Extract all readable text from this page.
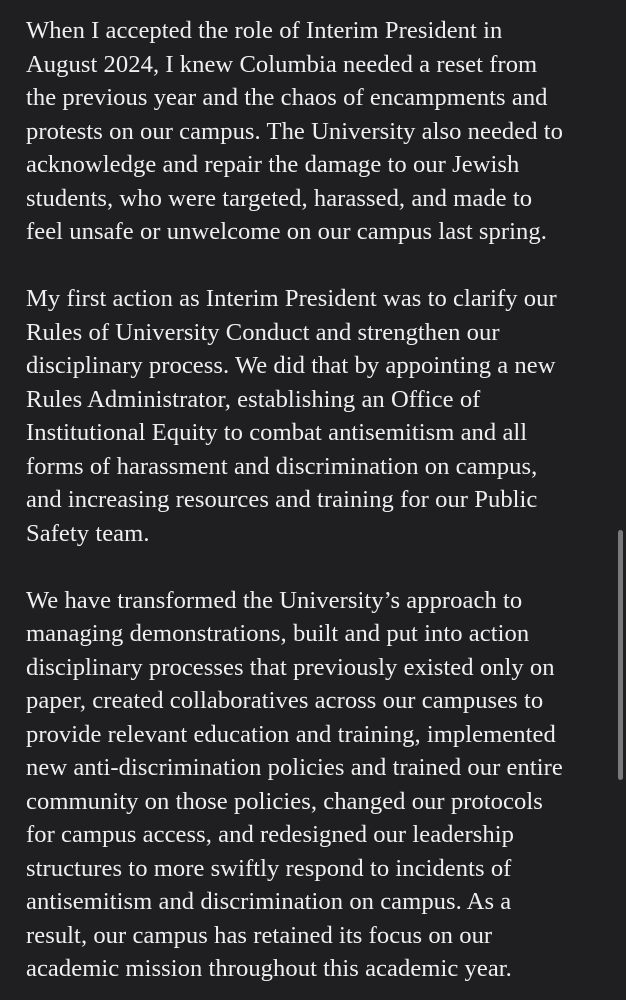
When I accepted the role of Interim President in
August 2024, I knew Columbia needed a reset from
the previous year and the chaos of encampments and
protests on our campus. The University also needed to
acknowledge and repair the damage to our Jewish
students, who were targeted, harassed, and made to
feel unsafe or unwelcome on our campus last spring.
My first action as Interim President was to clarify our
Rules of University Conduct and strengthen our
disciplinary process. We did that by appointing a new
Rules Administrator, establishing an Office of
Institutional Equity to combat antisemitism and all
forms of harassment and discrimination on campus,
and increasing resources and training for our Public
Safety team.
We have transformed the University’s approach to
managing demonstrations, built and put into action
disciplinary processes that previously existed only on
paper, created collaboratives across our campuses to
provide relevant education and training, implemented
new anti-discrimination policies and trained our entire
community on those policies, changed our protocols
for campus access, and redesigned our leadership
structures to more swiftly respond to incidents of
antisemitism and discrimination on campus. As a
result, our campus has retained its focus on our
academic mission throughout this academic year.
